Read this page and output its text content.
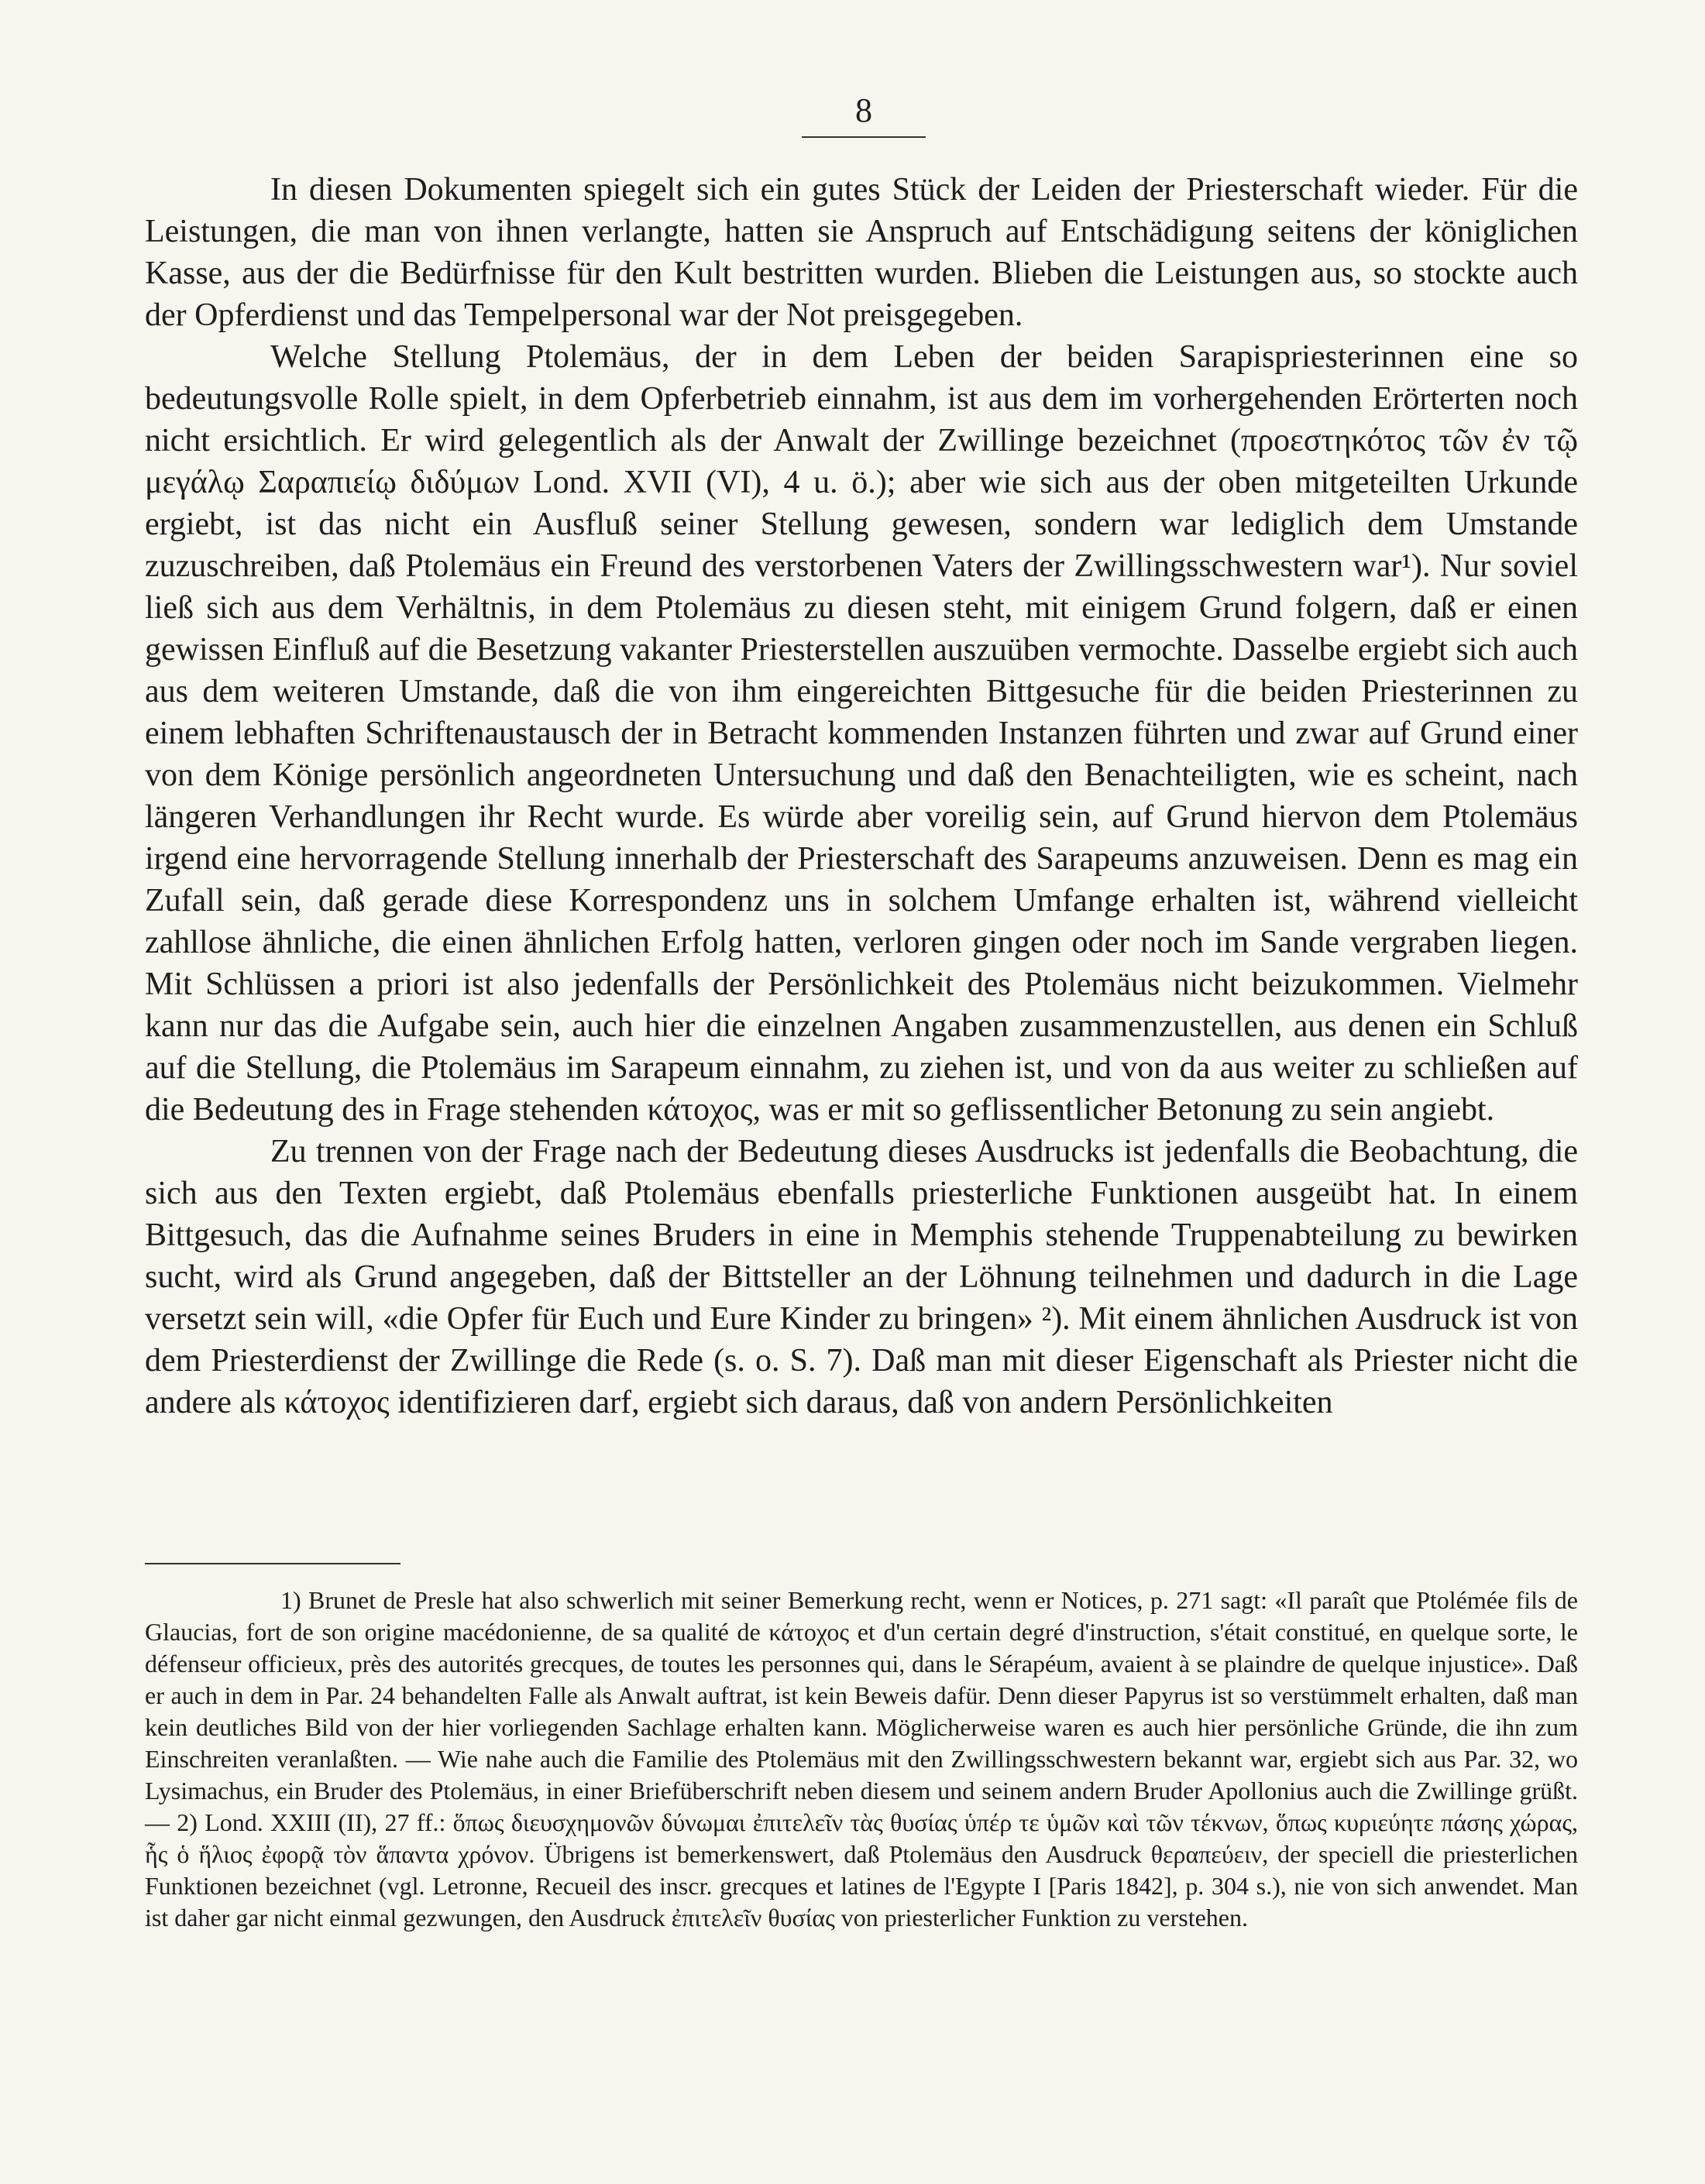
8

In diesen Dokumenten spiegelt sich ein gutes Stück der Leiden der Priesterschaft wieder. Für die Leistungen, die man von ihnen verlangte, hatten sie Anspruch auf Entschädigung seitens der königlichen Kasse, aus der die Bedürfnisse für den Kult bestritten wurden. Blieben die Leistungen aus, so stockte auch der Opferdienst und das Tempelpersonal war der Not preisgegeben.

Welche Stellung Ptolemäus, der in dem Leben der beiden Sarapispriesterinnen eine so bedeutungsvolle Rolle spielt, in dem Opferbetrieb einnahm, ist aus dem im vorhergehenden Erörterten noch nicht ersichtlich. Er wird gelegentlich als der Anwalt der Zwillinge bezeichnet (προεστηκότος τῶν ἐν τῷ μεγάλῳ Σαραπιείῳ διδύμων Lond. XVII (VI), 4 u. ö.); aber wie sich aus der oben mitgeteilten Urkunde ergiebt, ist das nicht ein Ausfluß seiner Stellung gewesen, sondern war lediglich dem Umstande zuzuschreiben, daß Ptolemäus ein Freund des verstorbenen Vaters der Zwillingsschwestern war¹). Nur soviel ließ sich aus dem Verhältnis, in dem Ptolemäus zu diesen steht, mit einigem Grund folgern, daß er einen gewissen Einfluß auf die Besetzung vakanter Priesterstellen auszuüben vermochte. Dasselbe ergiebt sich auch aus dem weiteren Umstande, daß die von ihm eingereichten Bittgesuche für die beiden Priesterinnen zu einem lebhaften Schriftenaustausch der in Betracht kommenden Instanzen führten und zwar auf Grund einer von dem Könige persönlich angeordneten Untersuchung und daß den Benachteiligten, wie es scheint, nach längeren Verhandlungen ihr Recht wurde. Es würde aber voreilig sein, auf Grund hiervon dem Ptolemäus irgend eine hervorragende Stellung innerhalb der Priesterschaft des Sarapeums anzuweisen. Denn es mag ein Zufall sein, daß gerade diese Korrespondenz uns in solchem Umfange erhalten ist, während vielleicht zahllose ähnliche, die einen ähnlichen Erfolg hatten, verloren gingen oder noch im Sande vergraben liegen. Mit Schlüssen a priori ist also jedenfalls der Persönlichkeit des Ptolemäus nicht beizukommen. Vielmehr kann nur das die Aufgabe sein, auch hier die einzelnen Angaben zusammenzustellen, aus denen ein Schluß auf die Stellung, die Ptolemäus im Sarapeum einnahm, zu ziehen ist, und von da aus weiter zu schließen auf die Bedeutung des in Frage stehenden κάτοχος, was er mit so geflissentlicher Betonung zu sein angiebt.

Zu trennen von der Frage nach der Bedeutung dieses Ausdrucks ist jedenfalls die Beobachtung, die sich aus den Texten ergiebt, daß Ptolemäus ebenfalls priesterliche Funktionen ausgeübt hat. In einem Bittgesuch, das die Aufnahme seines Bruders in eine in Memphis stehende Truppenabteilung zu bewirken sucht, wird als Grund angegeben, daß der Bittsteller an der Löhnung teilnehmen und dadurch in die Lage versetzt sein will, «die Opfer für Euch und Eure Kinder zu bringen» ²). Mit einem ähnlichen Ausdruck ist von dem Priesterdienst der Zwillinge die Rede (s. o. S. 7). Daß man mit dieser Eigenschaft als Priester nicht die andere als κάτοχος identifizieren darf, ergiebt sich daraus, daß von andern Persönlichkeiten

1) Brunet de Presle hat also schwerlich mit seiner Bemerkung recht, wenn er Notices, p. 271 sagt: «Il paraît que Ptolémée fils de Glaucias, fort de son origine macédonienne, de sa qualité de κάτοχος et d'un certain degré d'instruction, s'était constitué, en quelque sorte, le défenseur officieux, près des autorités grecques, de toutes les personnes qui, dans le Sérapéum, avaient à se plaindre de quelque injustice». Daß er auch in dem in Par. 24 behandelten Falle als Anwalt auftrat, ist kein Beweis dafür. Denn dieser Papyrus ist so verstümmelt erhalten, daß man kein deutliches Bild von der hier vorliegenden Sachlage erhalten kann. Möglicherweise waren es auch hier persönliche Gründe, die ihn zum Einschreiten veranlaßten. — Wie nahe auch die Familie des Ptolemäus mit den Zwillingsschwestern bekannt war, ergiebt sich aus Par. 32, wo Lysimachus, ein Bruder des Ptolemäus, in einer Briefüberschrift neben diesem und seinem andern Bruder Apollonius auch die Zwillinge grüßt. — 2) Lond. XXIII (II), 27 ff.: ὅπως διευσχημονῶν δύνωμαι ἐπιτελεῖν τὰς θυσίας ὑπέρ τε ὑμῶν καὶ τῶν τέκνων, ὅπως κυριεύητε πάσης χώρας, ἧς ὁ ἥλιος ἐφορᾷ τὸν ἅπαντα χρόνον. Übrigens ist bemerkenswert, daß Ptolemäus den Ausdruck θεραπεύειν, der speciell die priesterlichen Funktionen bezeichnet (vgl. Letronne, Recueil des inscr. grecques et latines de l'Egypte I [Paris 1842], p. 304 s.), nie von sich anwendet. Man ist daher gar nicht einmal gezwungen, den Ausdruck ἐπιτελεῖν θυσίας von priesterlicher Funktion zu verstehen.
